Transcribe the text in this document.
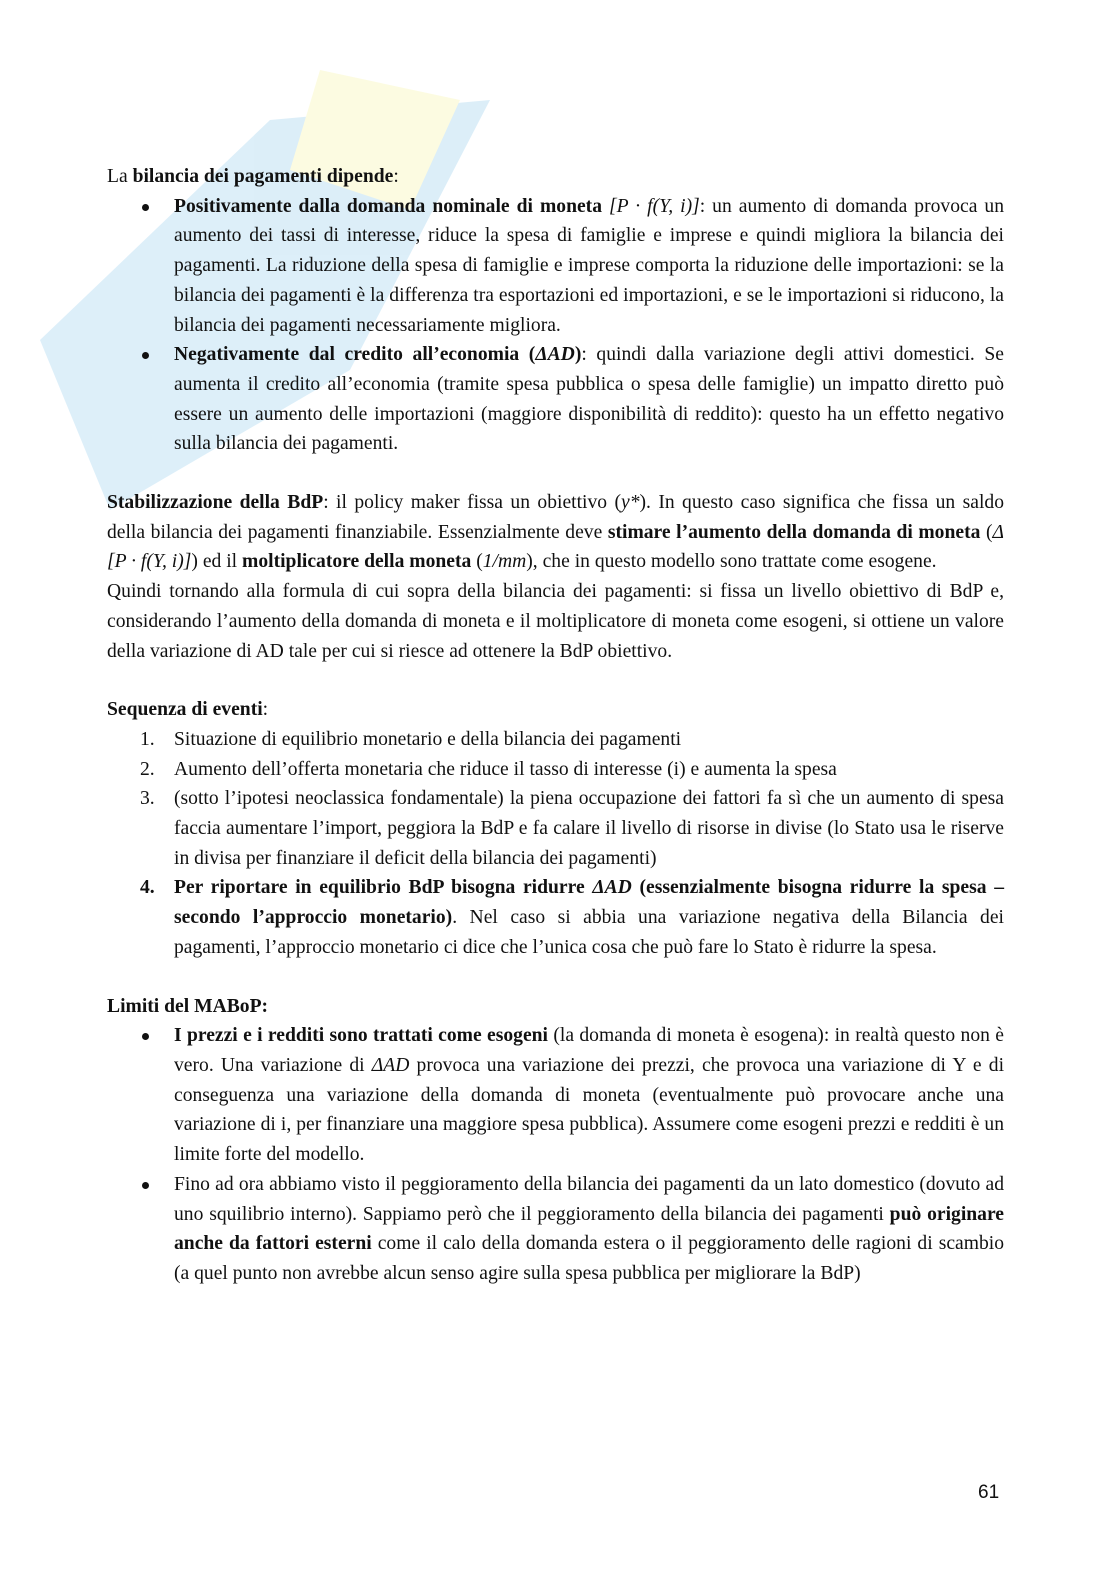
La bilancia dei pagamenti dipende:

Positivamente dalla domanda nominale di moneta [P · f(Y, i)]: un aumento di domanda provoca un aumento dei tassi di interesse, riduce la spesa di famiglie e imprese e quindi migliora la bilancia dei pagamenti. La riduzione della spesa di famiglie e imprese comporta la riduzione delle importazioni: se la bilancia dei pagamenti è la differenza tra esportazioni ed importazioni, e se le importazioni si riducono, la bilancia dei pagamenti necessariamente migliora.
Negativamente dal credito all’economia (ΔAD): quindi dalla variazione degli attivi domestici. Se aumenta il credito all’economia (tramite spesa pubblica o spesa delle famiglie) un impatto diretto può essere un aumento delle importazioni (maggiore disponibilità di reddito): questo ha un effetto negativo sulla bilancia dei pagamenti.

Stabilizzazione della BdP: il policy maker fissa un obiettivo (y*). In questo caso significa che fissa un saldo della bilancia dei pagamenti finanziabile. Essenzialmente deve stimare l’aumento della domanda di moneta (Δ [P · f(Y, i)]) ed il moltiplicatore della moneta (1/mm), che in questo modello sono trattate come esogene.

Quindi tornando alla formula di cui sopra della bilancia dei pagamenti: si fissa un livello obiettivo di BdP e, considerando l’aumento della domanda di moneta e il moltiplicatore di moneta come esogeni, si ottiene un valore della variazione di AD tale per cui si riesce ad ottenere la BdP obiettivo.

Sequenza di eventi:

1. Situazione di equilibrio monetario e della bilancia dei pagamenti
2. Aumento dell’offerta monetaria che riduce il tasso di interesse (i) e aumenta la spesa
3. (sotto l’ipotesi neoclassica fondamentale) la piena occupazione dei fattori fa sì che un aumento di spesa faccia aumentare l’import, peggiora la BdP e fa calare il livello di risorse in divise (lo Stato usa le riserve in divisa per finanziare il deficit della bilancia dei pagamenti)
4. Per riportare in equilibrio BdP bisogna ridurre ΔAD (essenzialmente bisogna ridurre la spesa – secondo l’approccio monetario). Nel caso si abbia una variazione negativa della Bilancia dei pagamenti, l’approccio monetario ci dice che l’unica cosa che può fare lo Stato è ridurre la spesa.

Limiti del MABoP:

I prezzi e i redditi sono trattati come esogeni (la domanda di moneta è esogena): in realtà questo non è vero. Una variazione di ΔAD provoca una variazione dei prezzi, che provoca una variazione di Y e di conseguenza una variazione della domanda di moneta (eventualmente può provocare anche una variazione di i, per finanziare una maggiore spesa pubblica). Assumere come esogeni prezzi e redditi è un limite forte del modello.
Fino ad ora abbiamo visto il peggioramento della bilancia dei pagamenti da un lato domestico (dovuto ad uno squilibrio interno). Sappiamo però che il peggioramento della bilancia dei pagamenti può originare anche da fattori esterni come il calo della domanda estera o il peggioramento delle ragioni di scambio (a quel punto non avrebbe alcun senso agire sulla spesa pubblica per migliorare la BdP)
61
